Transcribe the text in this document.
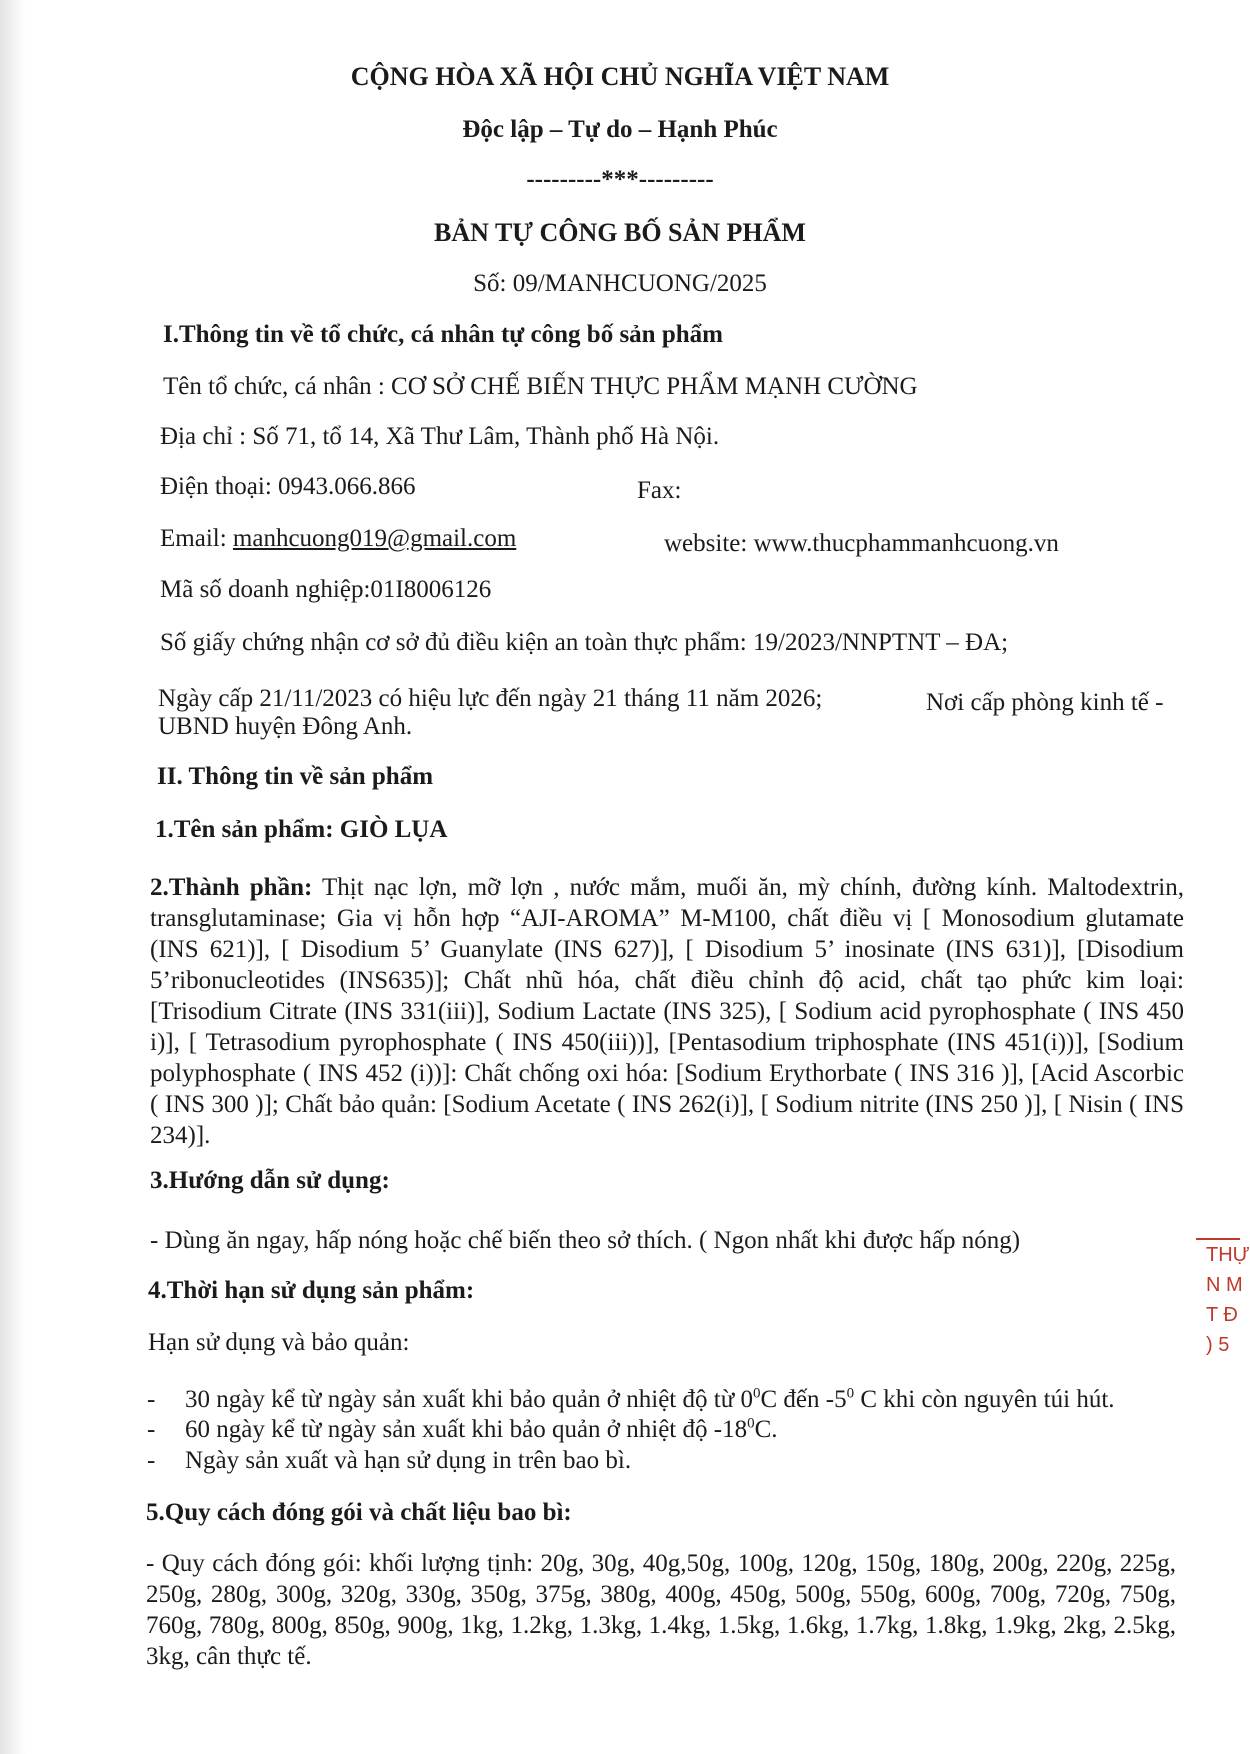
CỘNG HÒA XÃ HỘI CHỦ NGHĨA VIỆT NAM
Độc lập – Tự do – Hạnh Phúc
---------***---------
BẢN TỰ CÔNG BỐ SẢN PHẨM
Số: 09/MANHCUONG/2025
I.Thông tin về tổ chức, cá nhân tự công bố sản phẩm
Tên tổ chức, cá nhân : CƠ SỞ CHẾ BIẾN THỰC PHẨM MẠNH CƯỜNG
Địa chỉ : Số 71, tổ 14, Xã Thư Lâm, Thành phố Hà Nội.
Điện thoại: 0943.066.866	Fax:
Email: manhcuong019@gmail.com	website: www.thucphammanhcuong.vn
Mã số doanh nghiệp:01I8006126
Số giấy chứng nhận cơ sở đủ điều kiện an toàn thực phẩm: 19/2023/NNPTNT – ĐA;
Ngày cấp 21/11/2023 có hiệu lực đến ngày 21 tháng 11 năm 2026;	Nơi cấp phòng kinh tế -
UBND huyện Đông Anh.
II. Thông tin về sản phẩm
1.Tên sản phẩm: GIÒ LỤA
2.Thành phần: Thịt nạc lợn, mỡ lợn , nước mắm, muối ăn, mỳ chính, đường kính. Maltodextrin, transglutaminase; Gia vị hỗn hợp “AJI-AROMA” M-M100, chất điều vị [ Monosodium glutamate (INS 621)], [ Disodium 5’ Guanylate (INS 627)], [ Disodium 5’ inosinate (INS 631)], [Disodium 5’ribonucleotides (INS635)]; Chất nhũ hóa, chất điều chỉnh độ acid, chất tạo phức kim loại: [Trisodium Citrate (INS 331(iii)], Sodium Lactate (INS 325), [ Sodium acid pyrophosphate ( INS 450 i)], [ Tetrasodium pyrophosphate ( INS 450(iii))], [Pentasodium triphosphate (INS 451(i))], [Sodium polyphosphate ( INS 452 (i))]: Chất chống oxi hóa: [Sodium Erythorbate ( INS 316 )], [Acid Ascorbic ( INS 300 )]; Chất bảo quản: [Sodium Acetate ( INS 262(i)], [ Sodium nitrite (INS 250 )], [ Nisin ( INS 234)].
3.Hướng dẫn sử dụng:
- Dùng ăn ngay, hấp nóng hoặc chế biến theo sở thích. ( Ngon nhất khi được hấp nóng)
4.Thời hạn sử dụng sản phẩm:
Hạn sử dụng và bảo quản:
- 30 ngày kể từ ngày sản xuất khi bảo quản ở nhiệt độ từ $0^0C$ đến $-5^0$ C khi còn nguyên túi hút.
- 60 ngày kể từ ngày sản xuất khi bảo quản ở nhiệt độ $-18^0C$.
- Ngày sản xuất và hạn sử dụng in trên bao bì.
5.Quy cách đóng gói và chất liệu bao bì:
- Quy cách đóng gói: khối lượng tịnh: 20g, 30g, 40g,50g, 100g, 120g, 150g, 180g, 200g, 220g, 225g, 250g, 280g, 300g, 320g, 330g, 350g, 375g, 380g, 400g, 450g, 500g, 550g, 600g, 700g, 720g, 750g, 760g, 780g, 800g, 850g, 900g, 1kg, 1.2kg, 1.3kg, 1.4kg, 1.5kg, 1.6kg, 1.7kg, 1.8kg, 1.9kg, 2kg, 2.5kg, 3kg, cân thực tế.
THỰ
N M
T Đ
) 5
